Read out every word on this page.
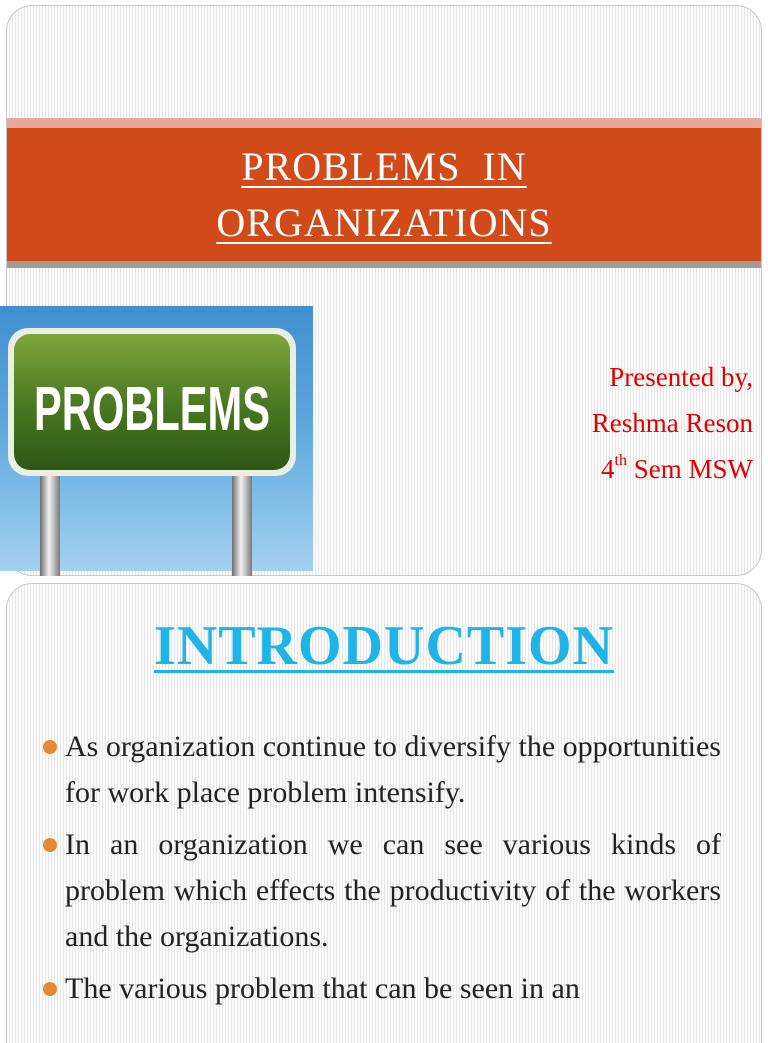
PROBLEMS  IN
ORGANIZATIONS
Presented by,
Reshma Reson
4th Sem MSW
PROBLEMS
INTRODUCTION
As organization continue to diversify the opportunities for work place problem intensify.
In an organization we can see various kinds of problem which effects the productivity of the workers and the organizations.
The various problem that can be seen in an
